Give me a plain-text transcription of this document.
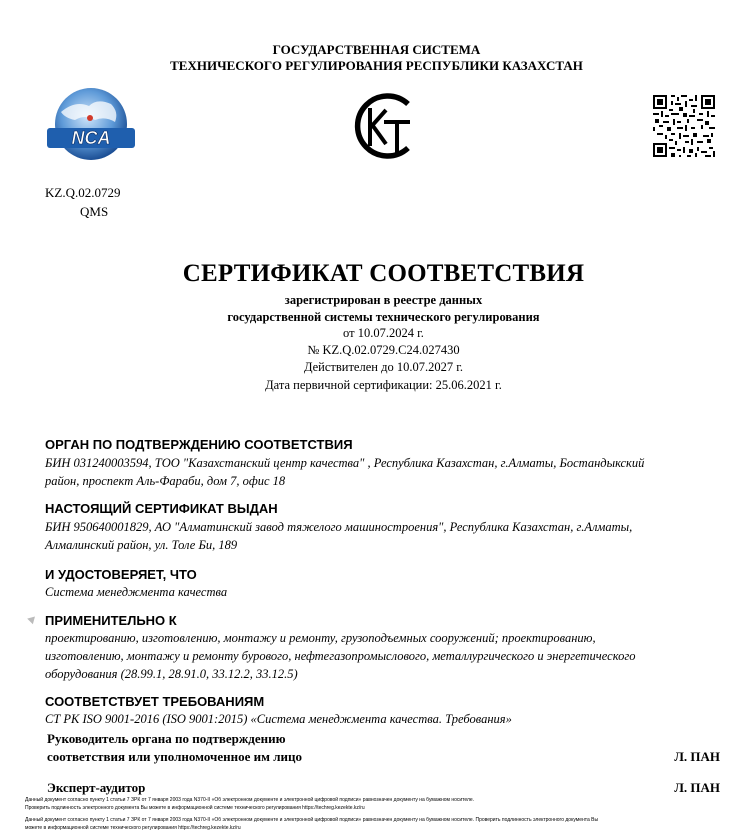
ГОСУДАРСТВЕННАЯ СИСТЕМА
ТЕХНИЧЕСКОГО РЕГУЛИРОВАНИЯ РЕСПУБЛИКИ КАЗАХСТАН
NCA
KZ.Q.02.0729
QMS
СЕРТИФИКАТ СООТВЕТСТВИЯ
зарегистрирован в реестре данных
государственной системы технического регулирования
от 10.07.2024 г.
№ KZ.Q.02.0729.C24.027430
Действителен до 10.07.2027 г.
Дата первичной сертификации: 25.06.2021 г.
ОРГАН ПО ПОДТВЕРЖДЕНИЮ СООТВЕТСТВИЯ
БИН 031240003594, ТОО "Казахстанский центр качества" , Республика Казахстан, г.Алматы, Бостандыкский
район, проспект Аль-Фараби, дом 7, офис 18
НАСТОЯЩИЙ СЕРТИФИКАТ ВЫДАН
БИН 950640001829, АО "Алматинский завод тяжелого машиностроения", Республика Казахстан, г.Алматы,
Алмалинский район, ул. Толе Би, 189
И УДОСТОВЕРЯЕТ, ЧТО
Система менеджмента качества
ПРИМЕНИТЕЛЬНО К
проектированию, изготовлению, монтажу и ремонту, грузоподъемных сооружений; проектированию,
изготовлению, монтажу и ремонту бурового, нефтегазопромыслового, металлургического и энергетического
оборудования (28.99.1, 28.91.0, 33.12.2, 33.12.5)
СООТВЕТСТВУЕТ ТРЕБОВАНИЯМ
СТ РК ISO 9001-2016 (ISO 9001:2015) «Система менеджмента качества. Требования»
Руководитель органа по подтверждению
соответствия или уполномоченное им лицо	Л. ПАН
Эксперт-аудитор	Л. ПАН
Данный документ согласно пункту 1 статьи 7 ЗРК от 7 января 2003 года N370-II «Об электронном документе и электронной цифровой подписи» равнозначен документу на бумажном носителе.
Проверить подлинность электронного документа Вы можете в информационной системе технического регулирования https://techreg.kezekte.kz/ru
Данный документ согласно пункту 1 статьи 7 ЗРК от 7 января 2003 года N370-II «Об электронном документе и электронной цифровой подписи» равнозначен документу на бумажном носителе. Проверить подлинность электронного документа Вы
можете в информационной системе технического регулирования https://techreg.kezekte.kz/ru
